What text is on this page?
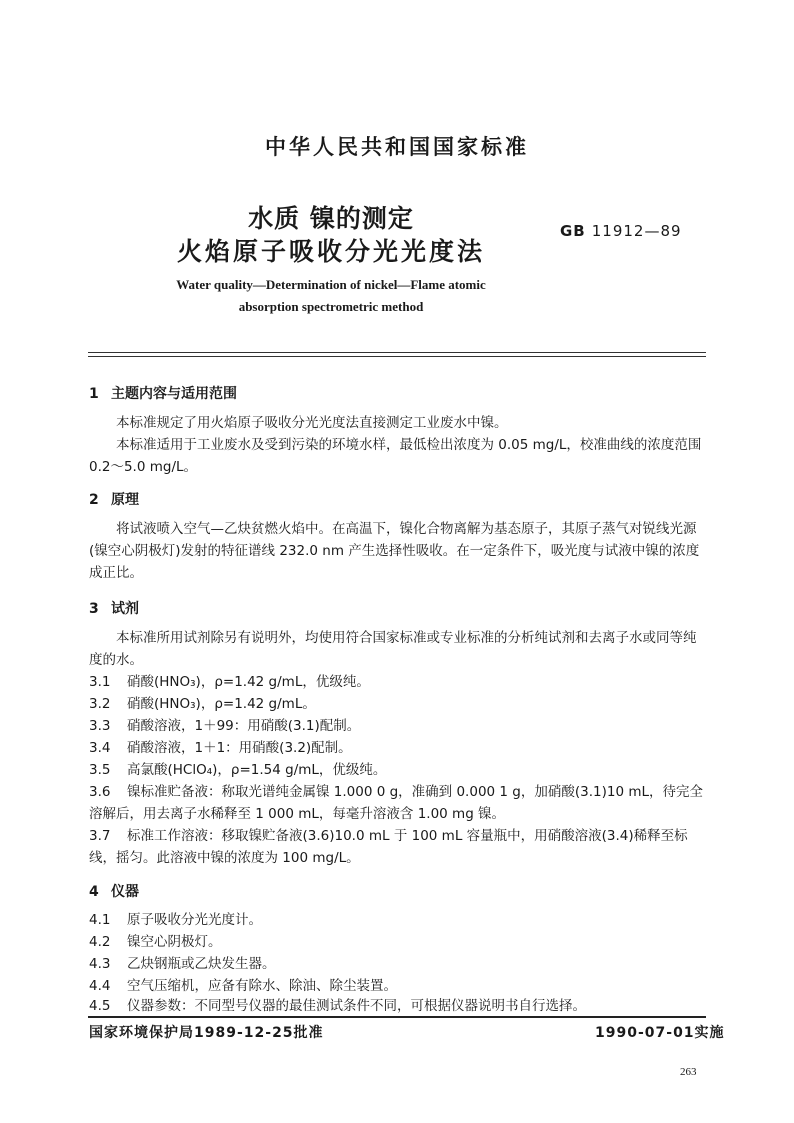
中华人民共和国国家标准
水质 镍的测定
火焰原子吸收分光光度法
GB 11912—89
Water quality—Determination of nickel—Flame atomic
absorption spectrometric method
1 主题内容与适用范围
本标准规定了用火焰原子吸收分光光度法直接测定工业废水中镍。
本标准适用于工业废水及受到污染的环境水样，最低检出浓度为 0.05 mg/L，校准曲线的浓度范围 0.2～5.0 mg/L。
2 原理
将试液喷入空气—乙炔贫燃火焰中。在高温下，镍化合物离解为基态原子，其原子蒸气对锐线光源(镍空心阴极灯)发射的特征谱线 232.0 nm 产生选择性吸收。在一定条件下，吸光度与试液中镍的浓度成正比。
3 试剂
本标准所用试剂除另有说明外，均使用符合国家标准或专业标准的分析纯试剂和去离子水或同等纯度的水。
3.1 硝酸(HNO₃)，ρ=1.42 g/mL，优级纯。
3.2 硝酸(HNO₃)，ρ=1.42 g/mL。
3.3 硝酸溶液，1＋99：用硝酸(3.1)配制。
3.4 硝酸溶液，1＋1：用硝酸(3.2)配制。
3.5 高氯酸(HClO₄)，ρ=1.54 g/mL，优级纯。
3.6 镍标准贮备液：称取光谱纯金属镍 1.000 0 g，准确到 0.000 1 g，加硝酸(3.1)10 mL，待完全溶解后，用去离子水稀释至 1 000 mL，每毫升溶液含 1.00 mg 镍。
3.7 标准工作溶液：移取镍贮备液(3.6)10.0 mL 于 100 mL 容量瓶中，用硝酸溶液(3.4)稀释至标线，摇匀。此溶液中镍的浓度为 100 mg/L。
4 仪器
4.1 原子吸收分光光度计。
4.2 镍空心阴极灯。
4.3 乙炔钢瓶或乙炔发生器。
4.4 空气压缩机，应备有除水、除油、除尘装置。
4.5 仪器参数：不同型号仪器的最佳测试条件不同，可根据仪器说明书自行选择。
国家环境保护局1989-12-25批准	1990-07-01实施
263
